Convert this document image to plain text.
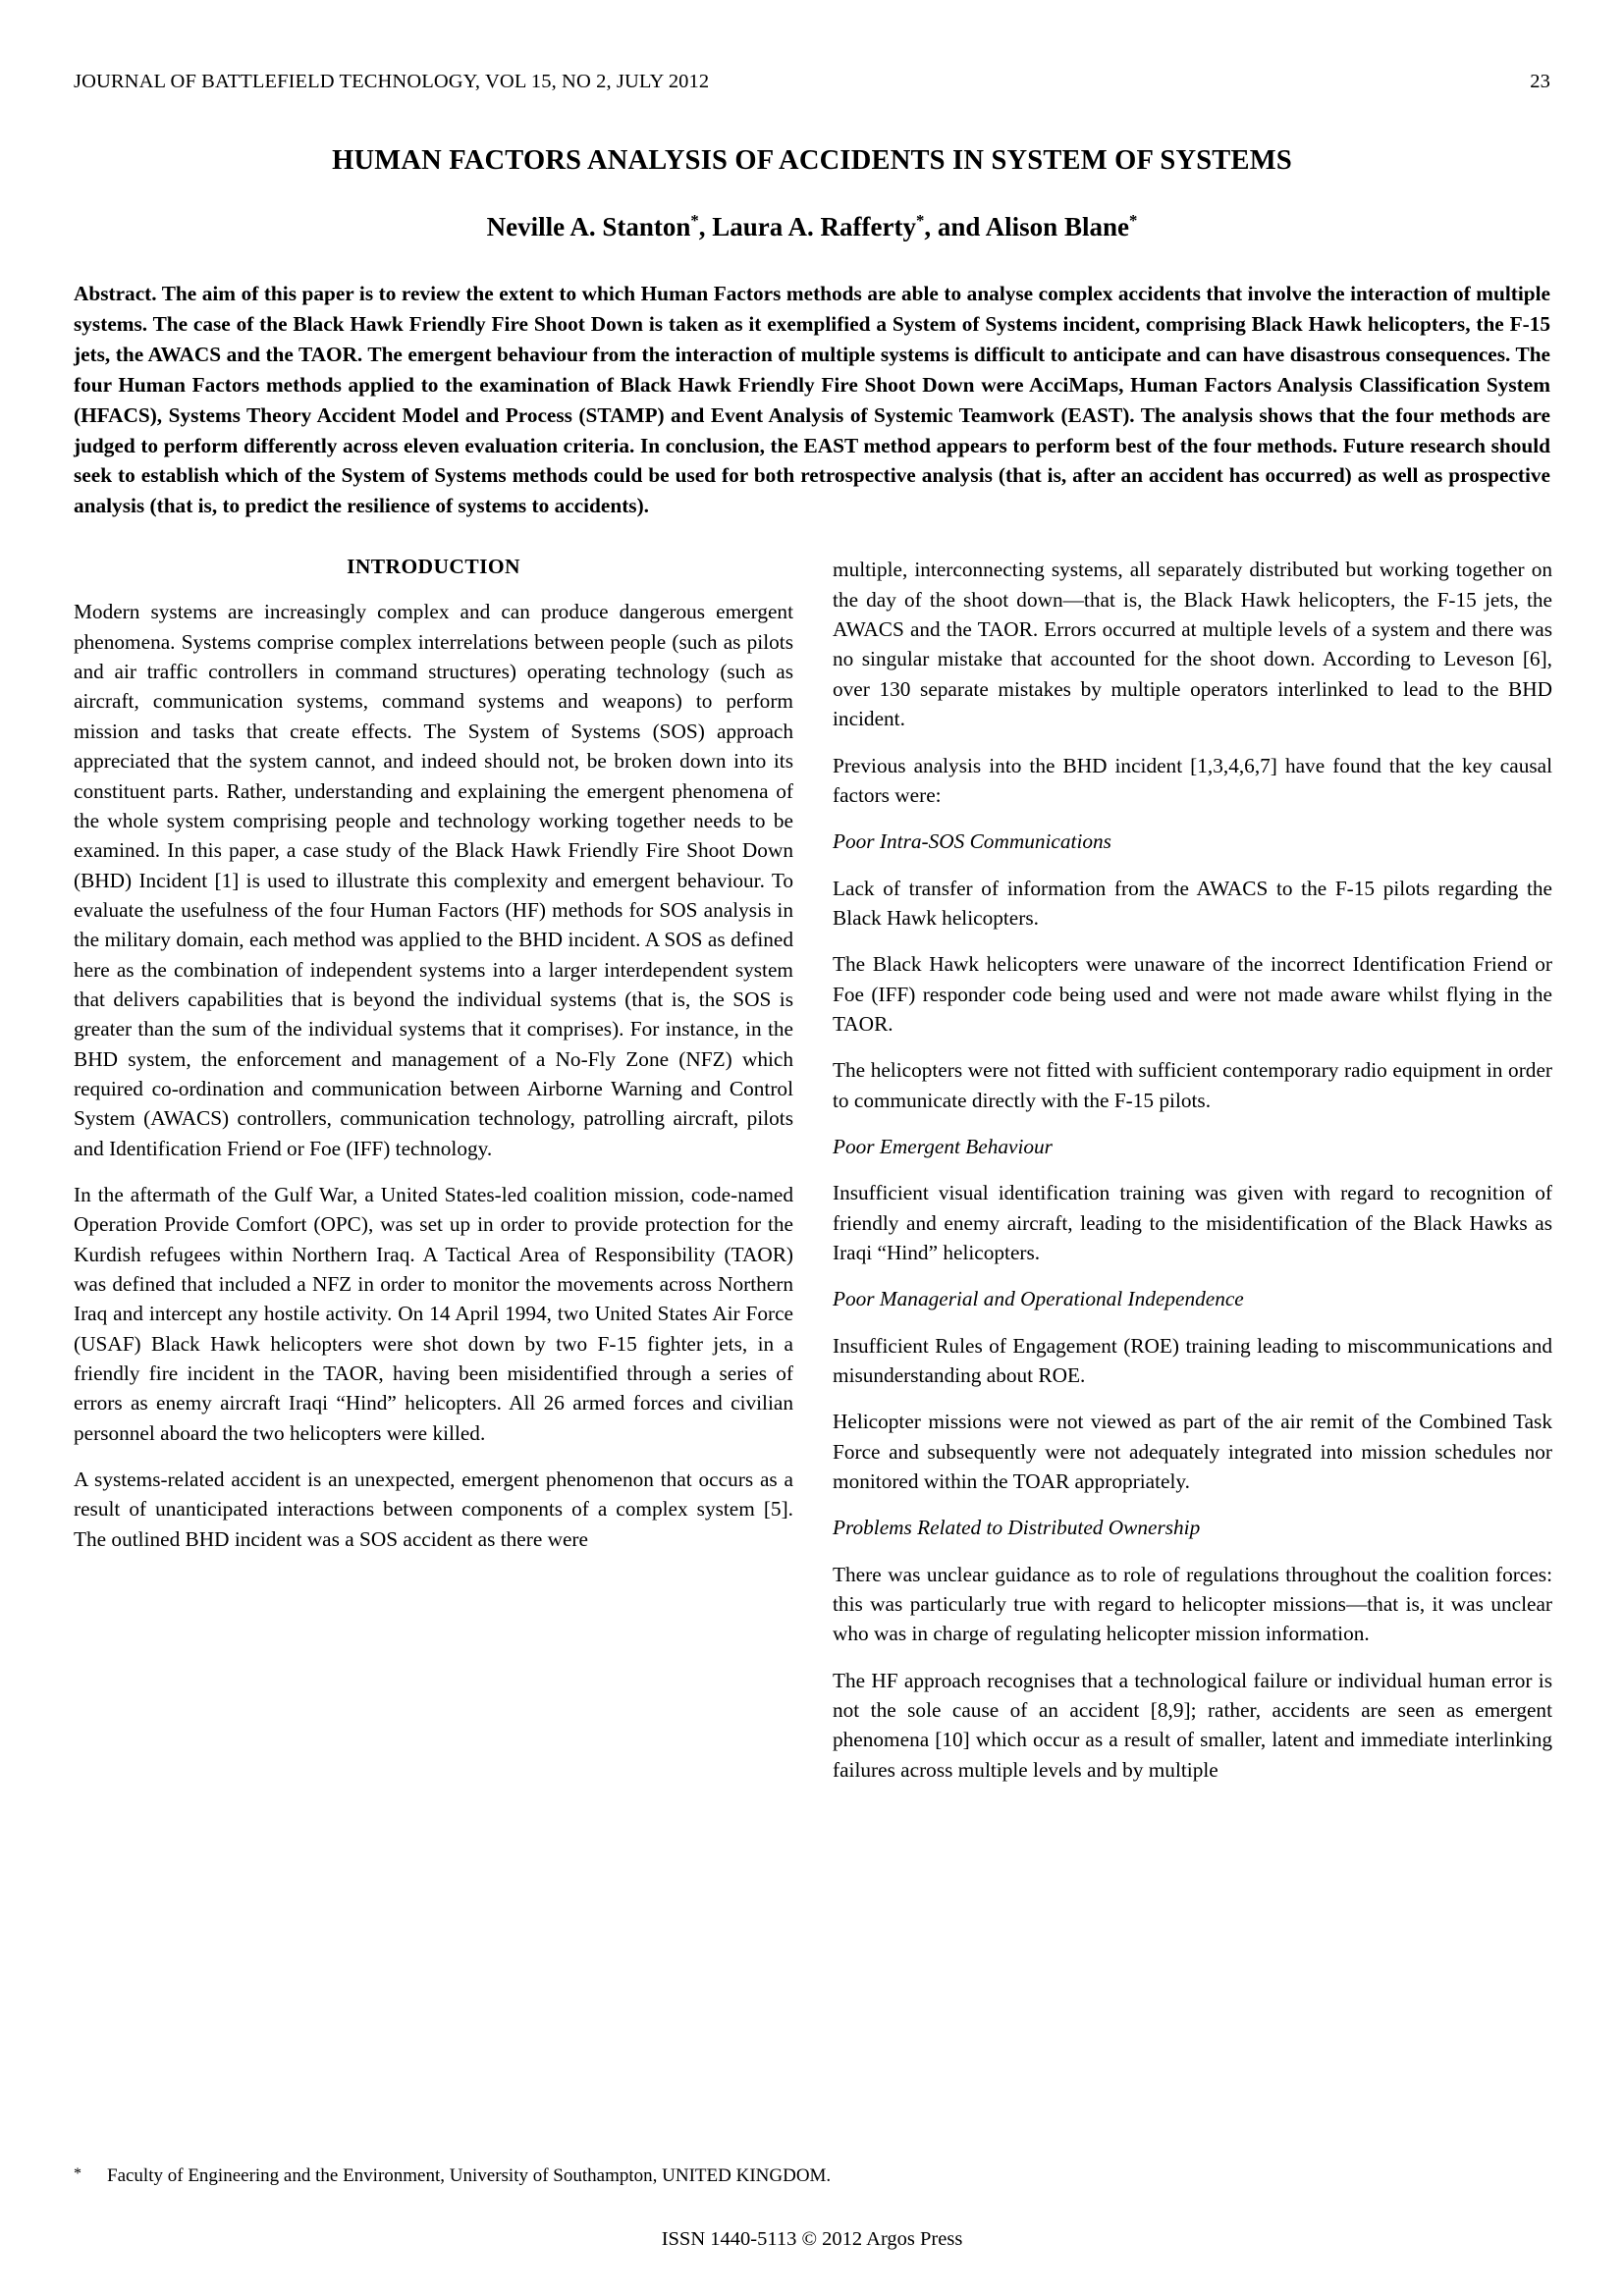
JOURNAL OF BATTLEFIELD TECHNOLOGY, VOL 15, NO 2, JULY 2012	23
HUMAN FACTORS ANALYSIS OF ACCIDENTS IN SYSTEM OF SYSTEMS
Neville A. Stanton*, Laura A. Rafferty*, and Alison Blane*
Abstract. The aim of this paper is to review the extent to which Human Factors methods are able to analyse complex accidents that involve the interaction of multiple systems. The case of the Black Hawk Friendly Fire Shoot Down is taken as it exemplified a System of Systems incident, comprising Black Hawk helicopters, the F-15 jets, the AWACS and the TAOR. The emergent behaviour from the interaction of multiple systems is difficult to anticipate and can have disastrous consequences. The four Human Factors methods applied to the examination of Black Hawk Friendly Fire Shoot Down were AcciMaps, Human Factors Analysis Classification System (HFACS), Systems Theory Accident Model and Process (STAMP) and Event Analysis of Systemic Teamwork (EAST). The analysis shows that the four methods are judged to perform differently across eleven evaluation criteria. In conclusion, the EAST method appears to perform best of the four methods. Future research should seek to establish which of the System of Systems methods could be used for both retrospective analysis (that is, after an accident has occurred) as well as prospective analysis (that is, to predict the resilience of systems to accidents).
INTRODUCTION

Modern systems are increasingly complex and can produce dangerous emergent phenomena. Systems comprise complex interrelations between people (such as pilots and air traffic controllers in command structures) operating technology (such as aircraft, communication systems, command systems and weapons) to perform mission and tasks that create effects. The System of Systems (SOS) approach appreciated that the system cannot, and indeed should not, be broken down into its constituent parts. Rather, understanding and explaining the emergent phenomena of the whole system comprising people and technology working together needs to be examined. In this paper, a case study of the Black Hawk Friendly Fire Shoot Down (BHD) Incident [1] is used to illustrate this complexity and emergent behaviour. To evaluate the usefulness of the four Human Factors (HF) methods for SOS analysis in the military domain, each method was applied to the BHD incident. A SOS as defined here as the combination of independent systems into a larger interdependent system that delivers capabilities that is beyond the individual systems (that is, the SOS is greater than the sum of the individual systems that it comprises). For instance, in the BHD system, the enforcement and management of a No-Fly Zone (NFZ) which required co-ordination and communication between Airborne Warning and Control System (AWACS) controllers, communication technology, patrolling aircraft, pilots and Identification Friend or Foe (IFF) technology.

In the aftermath of the Gulf War, a United States-led coalition mission, code-named Operation Provide Comfort (OPC), was set up in order to provide protection for the Kurdish refugees within Northern Iraq. A Tactical Area of Responsibility (TAOR) was defined that included a NFZ in order to monitor the movements across Northern Iraq and intercept any hostile activity. On 14 April 1994, two United States Air Force (USAF) Black Hawk helicopters were shot down by two F-15 fighter jets, in a friendly fire incident in the TAOR, having been misidentified through a series of errors as enemy aircraft Iraqi “Hind” helicopters. All 26 armed forces and civilian personnel aboard the two helicopters were killed.

A systems-related accident is an unexpected, emergent phenomenon that occurs as a result of unanticipated interactions between components of a complex system [5]. The outlined BHD incident was a SOS accident as there were

multiple, interconnecting systems, all separately distributed but working together on the day of the shoot down—that is, the Black Hawk helicopters, the F-15 jets, the AWACS and the TAOR. Errors occurred at multiple levels of a system and there was no singular mistake that accounted for the shoot down. According to Leveson [6], over 130 separate mistakes by multiple operators interlinked to lead to the BHD incident.

Previous analysis into the BHD incident [1,3,4,6,7] have found that the key causal factors were:

Poor Intra-SOS Communications

Lack of transfer of information from the AWACS to the F-15 pilots regarding the Black Hawk helicopters.

The Black Hawk helicopters were unaware of the incorrect Identification Friend or Foe (IFF) responder code being used and were not made aware whilst flying in the TAOR.

The helicopters were not fitted with sufficient contemporary radio equipment in order to communicate directly with the F-15 pilots.

Poor Emergent Behaviour

Insufficient visual identification training was given with regard to recognition of friendly and enemy aircraft, leading to the misidentification of the Black Hawks as Iraqi “Hind” helicopters.

Poor Managerial and Operational Independence

Insufficient Rules of Engagement (ROE) training leading to miscommunications and misunderstanding about ROE.

Helicopter missions were not viewed as part of the air remit of the Combined Task Force and subsequently were not adequately integrated into mission schedules nor monitored within the TOAR appropriately.

Problems Related to Distributed Ownership

There was unclear guidance as to role of regulations throughout the coalition forces: this was particularly true with regard to helicopter missions—that is, it was unclear who was in charge of regulating helicopter mission information.

The HF approach recognises that a technological failure or individual human error is not the sole cause of an accident [8,9]; rather, accidents are seen as emergent phenomena [10] which occur as a result of smaller, latent and immediate interlinking failures across multiple levels and by multiple

*	Faculty of Engineering and the Environment, University of Southampton, UNITED KINGDOM.
ISSN 1440-5113 © 2012 Argos Press
